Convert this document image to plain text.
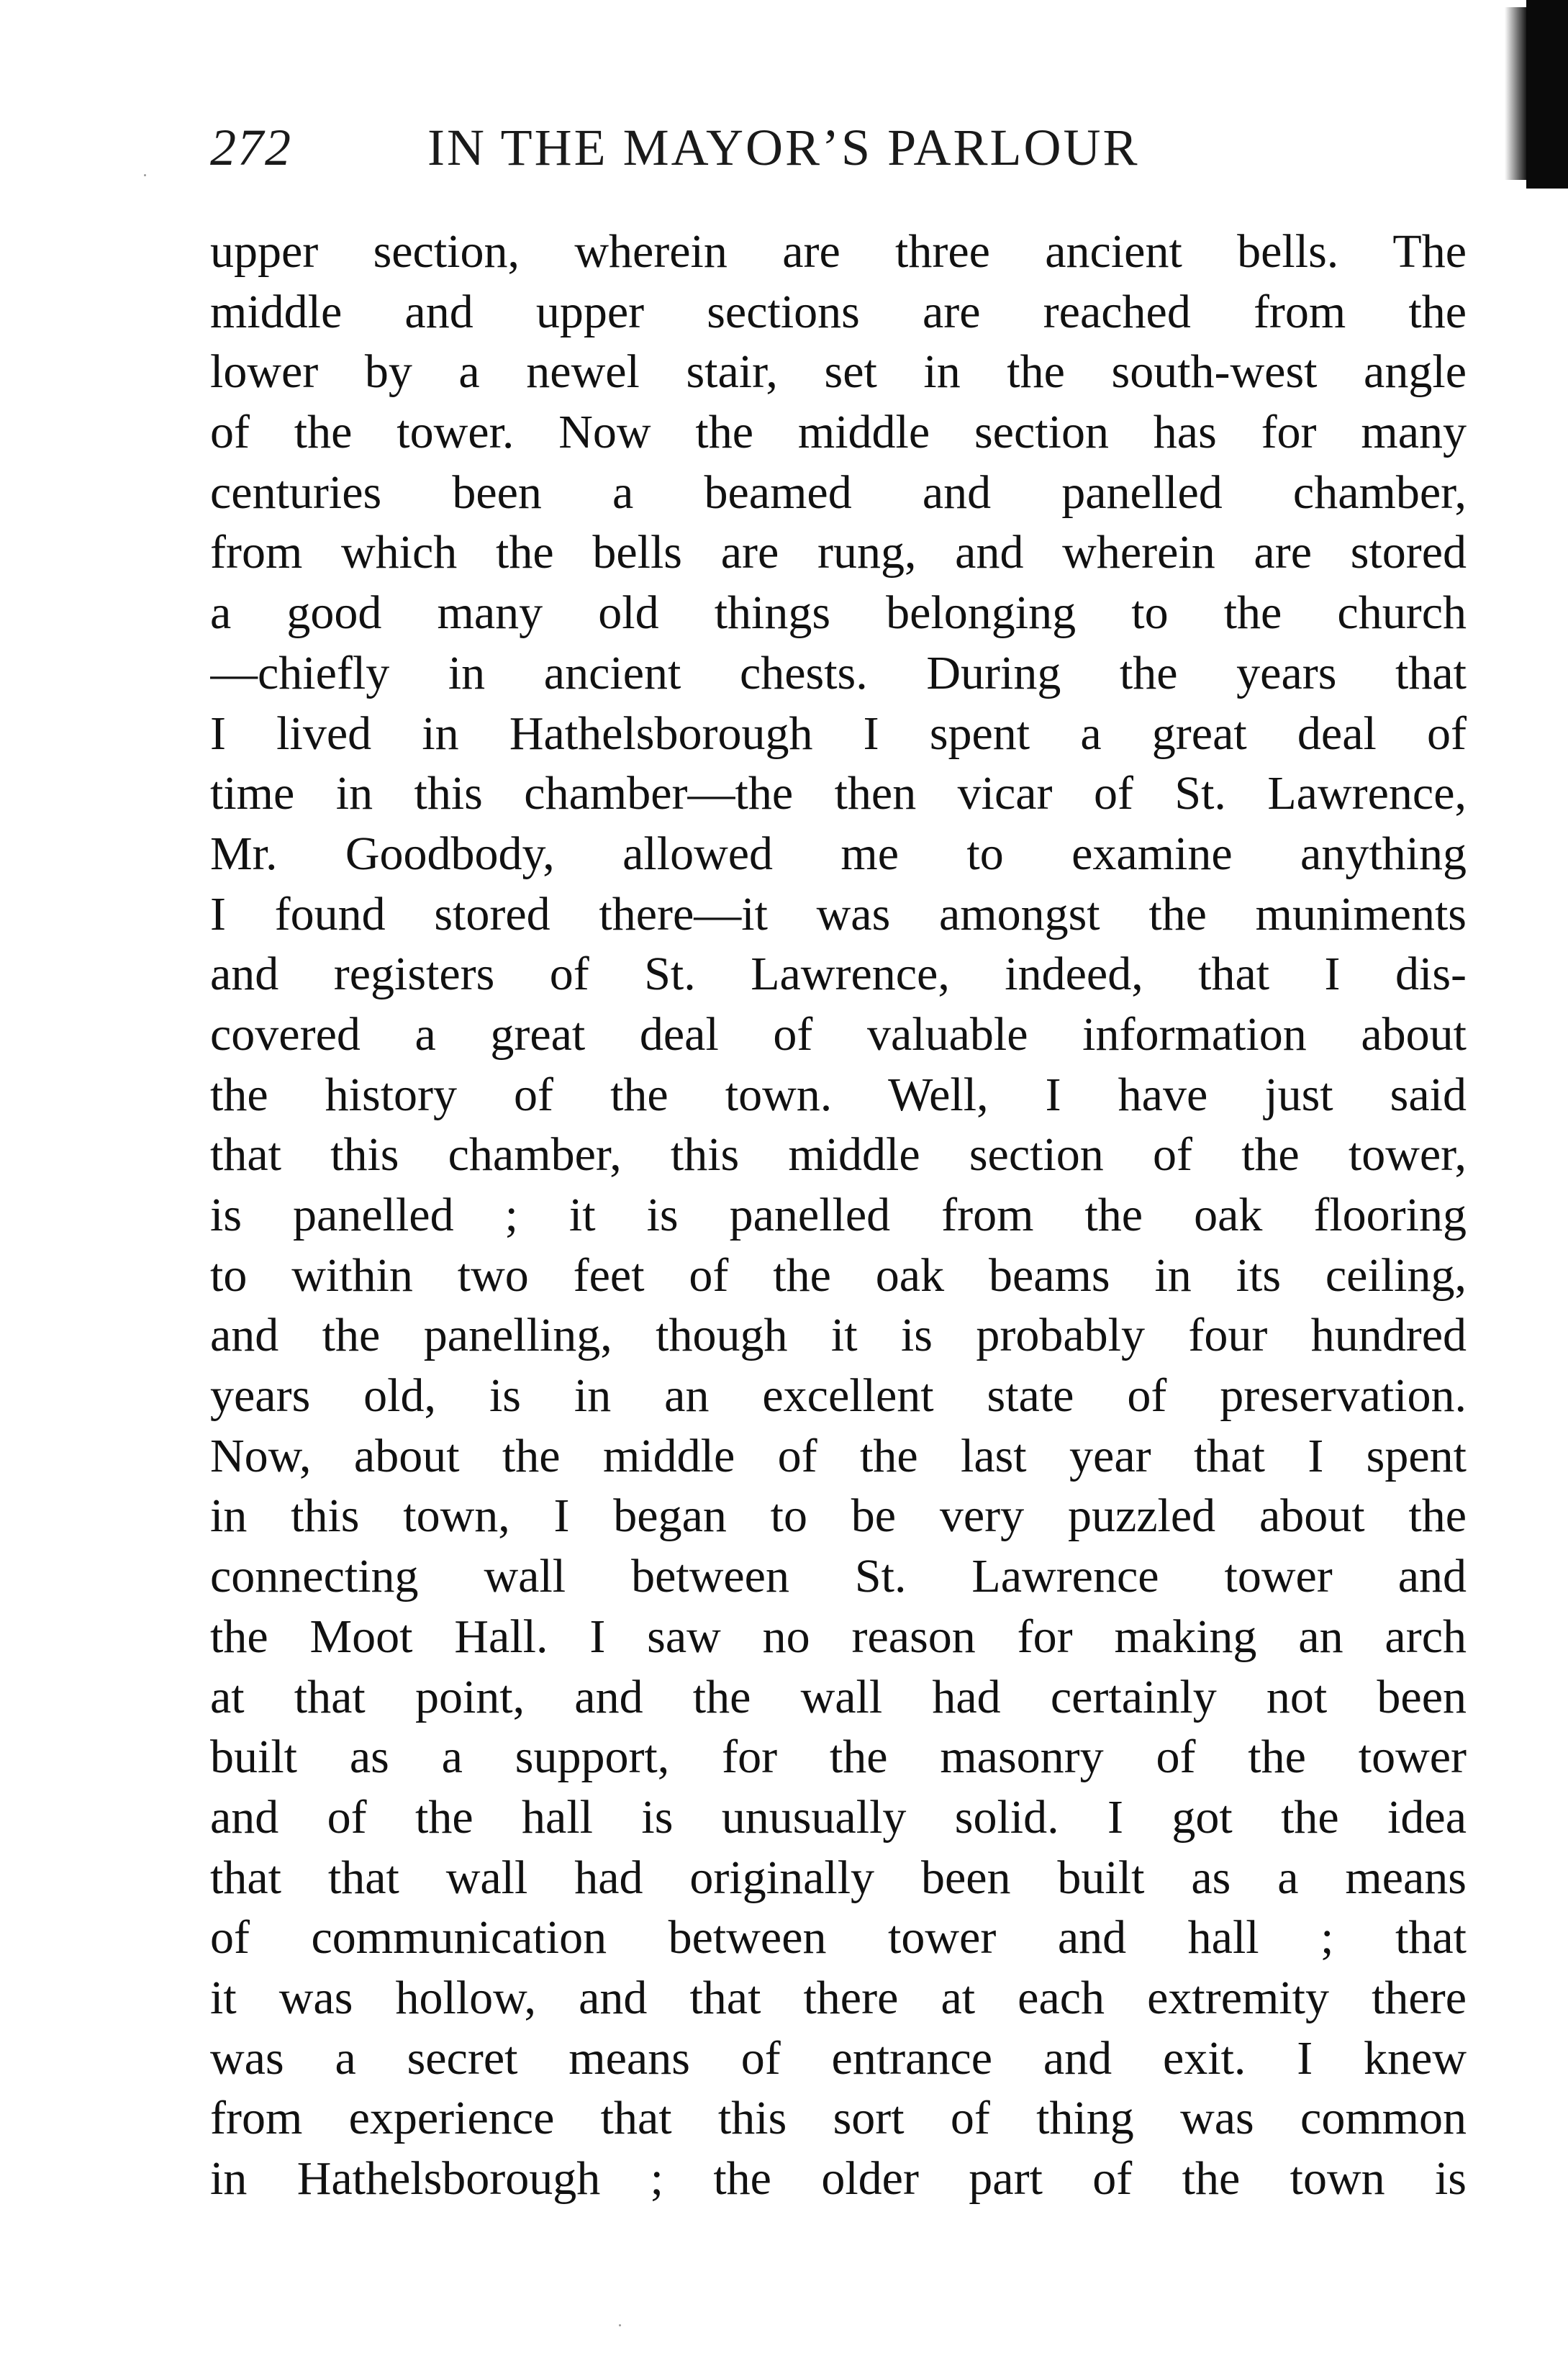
272	IN THE MAYOR’S PARLOUR
upper section, wherein are three ancient bells. The
middle and upper sections are reached from the
lower by a newel stair, set in the south-west angle
of the tower. Now the middle section has for many
centuries been a beamed and panelled chamber,
from which the bells are rung, and wherein are stored
a good many old things belonging to the church
—chiefly in ancient chests. During the years that
I lived in Hathelsborough I spent a great deal of
time in this chamber—the then vicar of St. Lawrence,
Mr. Goodbody, allowed me to examine anything
I found stored there—it was amongst the muniments
and registers of St. Lawrence, indeed, that I dis-
covered a great deal of valuable information about
the history of the town. Well, I have just said
that this chamber, this middle section of the tower,
is panelled ; it is panelled from the oak flooring
to within two feet of the oak beams in its ceiling,
and the panelling, though it is probably four hundred
years old, is in an excellent state of preservation.
Now, about the middle of the last year that I spent
in this town, I began to be very puzzled about the
connecting wall between St. Lawrence tower and
the Moot Hall. I saw no reason for making an arch
at that point, and the wall had certainly not been
built as a support, for the masonry of the tower
and of the hall is unusually solid. I got the idea
that that wall had originally been built as a means
of communication between tower and hall ; that
it was hollow, and that there at each extremity there
was a secret means of entrance and exit. I knew
from experience that this sort of thing was common
in Hathelsborough ; the older part of the town is
